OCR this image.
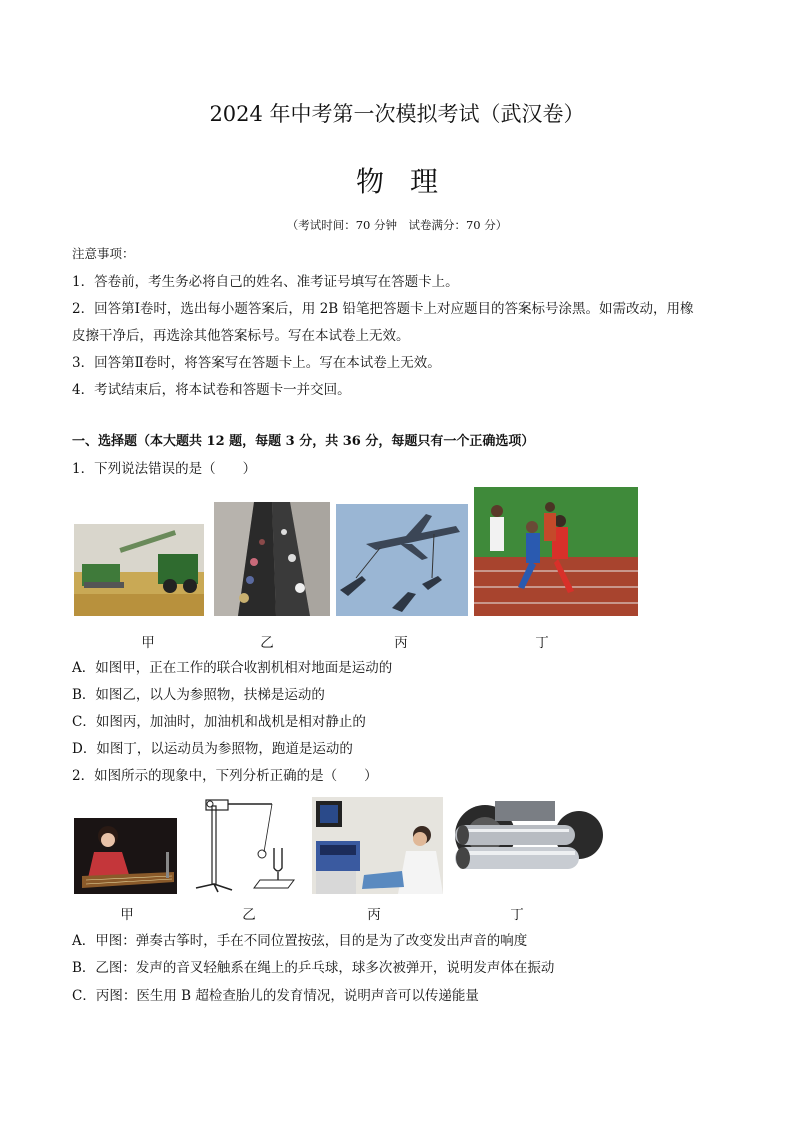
2024 年中考第一次模拟考试（武汉卷）
物理
（考试时间：70 分钟　试卷满分：70 分）
注意事项：
1．答卷前，考生务必将自己的姓名、准考证号填写在答题卡上。
2．回答第Ⅰ卷时，选出每小题答案后，用 2B 铅笔把答题卡上对应题目的答案标号涂黑。如需改动，用橡
皮擦干净后，再选涂其他答案标号。写在本试卷上无效。
3．回答第Ⅱ卷时，将答案写在答题卡上。写在本试卷上无效。
4．考试结束后，将本试卷和答题卡一并交回。
一、选择题（本大题共 12 题，每题 3 分，共 36 分，每题只有一个正确选项）
1．下列说法错误的是（　　）
甲	乙	丙	丁
A．如图甲，正在工作的联合收割机相对地面是运动的
B．如图乙，以人为参照物，扶梯是运动的
C．如图丙，加油时，加油机和战机是相对静止的
D．如图丁，以运动员为参照物，跑道是运动的
2．如图所示的现象中，下列分析正确的是（　　）
甲	乙	丙	丁
A．甲图：弹奏古筝时，手在不同位置按弦，目的是为了改变发出声音的响度
B．乙图：发声的音叉轻触系在绳上的乒乓球，球多次被弹开，说明发声体在振动
C．丙图：医生用 B 超检查胎儿的发育情况，说明声音可以传递能量
